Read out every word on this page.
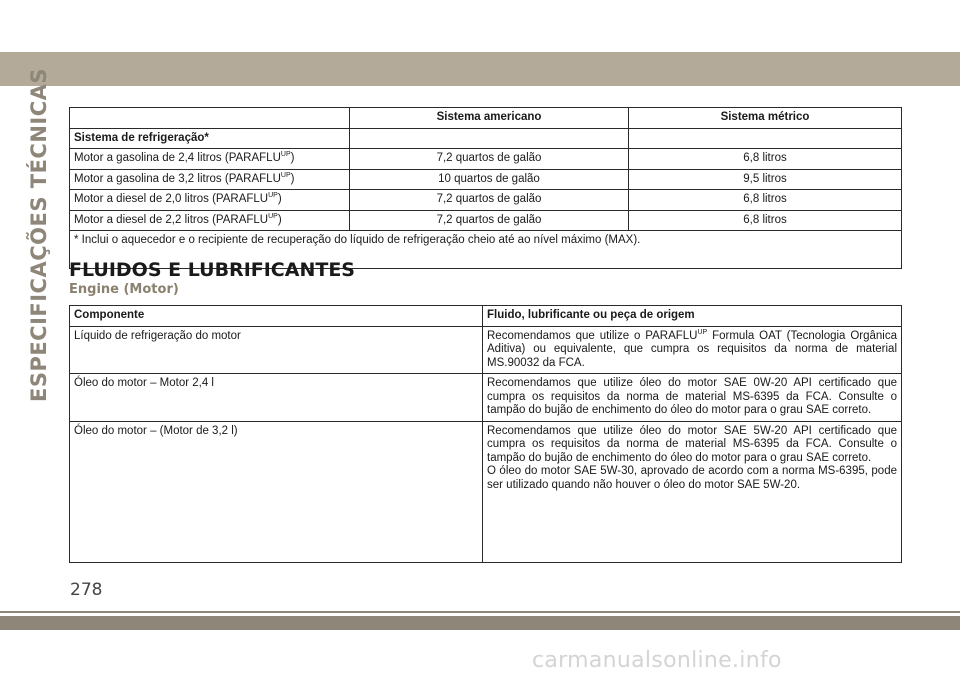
ESPECIFICAÇÕES TÉCNICAS
		Sistema americano	Sistema métrico
Sistema de refrigeração*		
Motor a gasolina de 2,4 litros $(PARAFLU^{UP})$	7,2 quartos de galão	6,8 litros
Motor a gasolina de 3,2 litros $(PARAFLU^{UP})$	10 quartos de galão	9,5 litros
Motor a diesel de 2,0 litros $(PARAFLU^{UP})$	7,2 quartos de galão	6,8 litros
Motor a diesel de 2,2 litros $(PARAFLU^{UP})$	7,2 quartos de galão	6,8 litros
* Inclui o aquecedor e o recipiente de recuperação do líquido de refrigeração cheio até ao nível máximo (MAX).		
FLUIDOS E LUBRIFICANTES
Engine (Motor)
Componente	Fluido, lubrificante ou peça de origem
Líquido de refrigeração do motor	Recomendamos que utilize o $PARAFLU^{UP}$ Formula OAT (Tecnologia Orgânica Aditiva) ou equivalente, que cumpra os requisitos da norma de material MS.90032 da FCA.
Óleo do motor – Motor 2,4 l	Recomendamos que utilize óleo do motor SAE 0W-20 API certificado que cumpra os requisitos da norma de material MS-6395 da FCA. Consulte o tampão do bujão de enchimento do óleo do motor para o grau SAE correto.
Óleo do motor – (Motor de 3,2 l)	Recomendamos que utilize óleo do motor SAE 5W-20 API certificado que cumpra os requisitos da norma de material MS-6395 da FCA. Consulte o tampão do bujão de enchimento do óleo do motor para o grau SAE correto.
O óleo do motor SAE 5W-30, aprovado de acordo com a norma MS-6395, pode ser utilizado quando não houver o óleo do motor SAE 5W-20.
278
carmanualsonline.info
